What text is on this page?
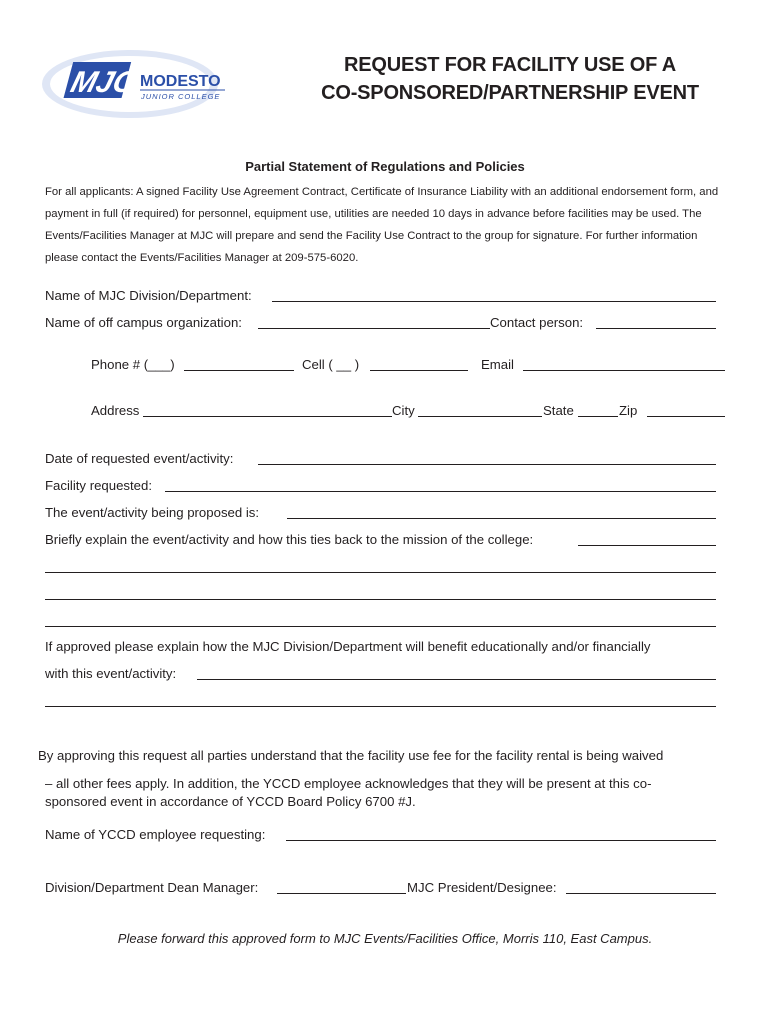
MJC MODESTO
JUNIOR COLLEGE
REQUEST FOR FACILITY USE OF A
CO-SPONSORED/PARTNERSHIP EVENT
Partial Statement of Regulations and Policies
For all applicants: A signed Facility Use Agreement Contract, Certificate of Insurance Liability with an additional endorsement form, and payment in full (if required) for personnel, equipment use, utilities are needed 10 days in advance before facilities may be used. The Events/Facilities Manager at MJC will prepare and send the Facility Use Contract to the group for signature. For further information please contact the Events/Facilities Manager at 209-575-6020.
Name of MJC Division/Department:
Name of off campus organization:	Contact person:
Phone # (___)	Cell ( __ )	Email
Address	City	State	Zip
Date of requested event/activity:
Facility requested:
The event/activity being proposed is:
Briefly explain the event/activity and how this ties back to the mission of the college:
If approved please explain how the MJC Division/Department will benefit educationally and/or financially
with this event/activity:
By approving this request all parties understand that the facility use fee for the facility rental is being waived
– all other fees apply. In addition, the YCCD employee acknowledges that they will be present at this co-
sponsored event in accordance of YCCD Board Policy 6700 #J.
Name of YCCD employee requesting:
Division/Department Dean Manager:	MJC President/Designee:
Please forward this approved form to MJC Events/Facilities Office, Morris 110, East Campus.
